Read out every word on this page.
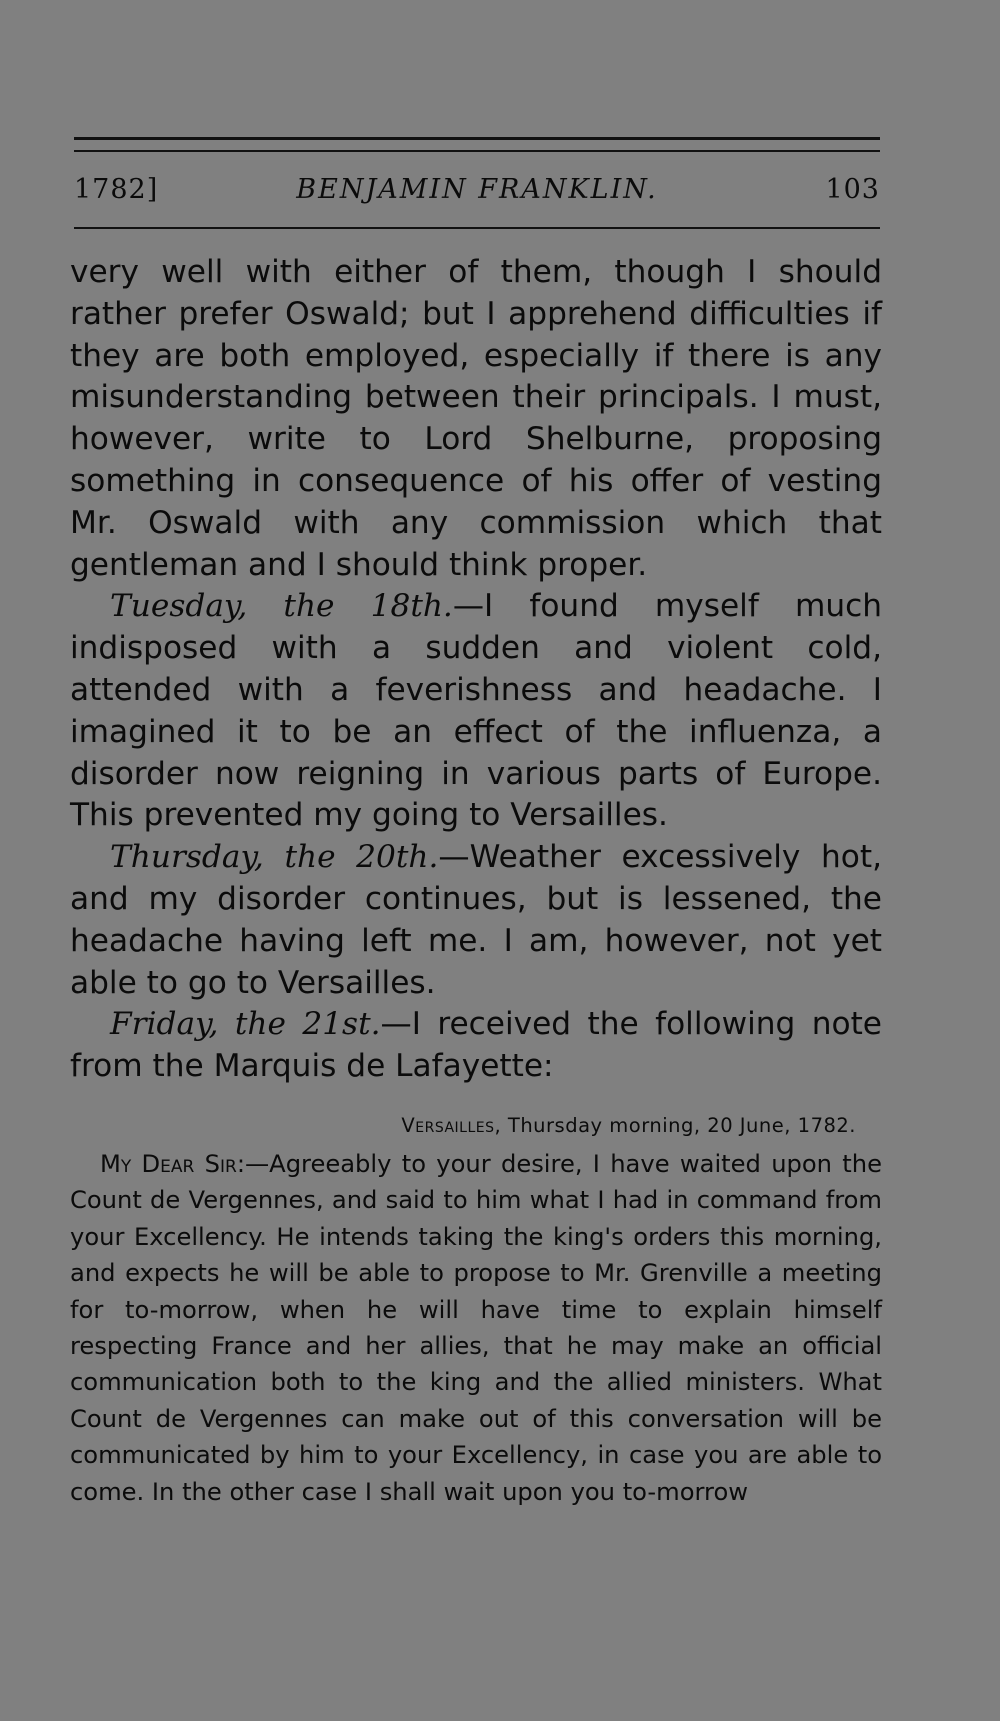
1782]	BENJAMIN FRANKLIN.	103

very well with either of them, though I should rather prefer Oswald; but I apprehend difficulties if they are both employed, especially if there is any misunderstanding between their principals. I must, however, write to Lord Shelburne, proposing something in consequence of his offer of vesting Mr. Oswald with any commission which that gentleman and I should think proper.

Tuesday, the 18th.—I found myself much indisposed with a sudden and violent cold, attended with a feverishness and headache. I imagined it to be an effect of the influenza, a disorder now reigning in various parts of Europe. This prevented my going to Versailles.

Thursday, the 20th.—Weather excessively hot, and my disorder continues, but is lessened, the headache having left me. I am, however, not yet able to go to Versailles.

Friday, the 21st.—I received the following note from the Marquis de Lafayette:

Versailles, Thursday morning, 20 June, 1782.

My Dear Sir:—Agreeably to your desire, I have waited upon the Count de Vergennes, and said to him what I had in command from your Excellency. He intends taking the king's orders this morning, and expects he will be able to propose to Mr. Grenville a meeting for to-morrow, when he will have time to explain himself respecting France and her allies, that he may make an official communication both to the king and the allied ministers. What Count de Vergennes can make out of this conversation will be communicated by him to your Excellency, in case you are able to come. In the other case I shall wait upon you to-morrow
